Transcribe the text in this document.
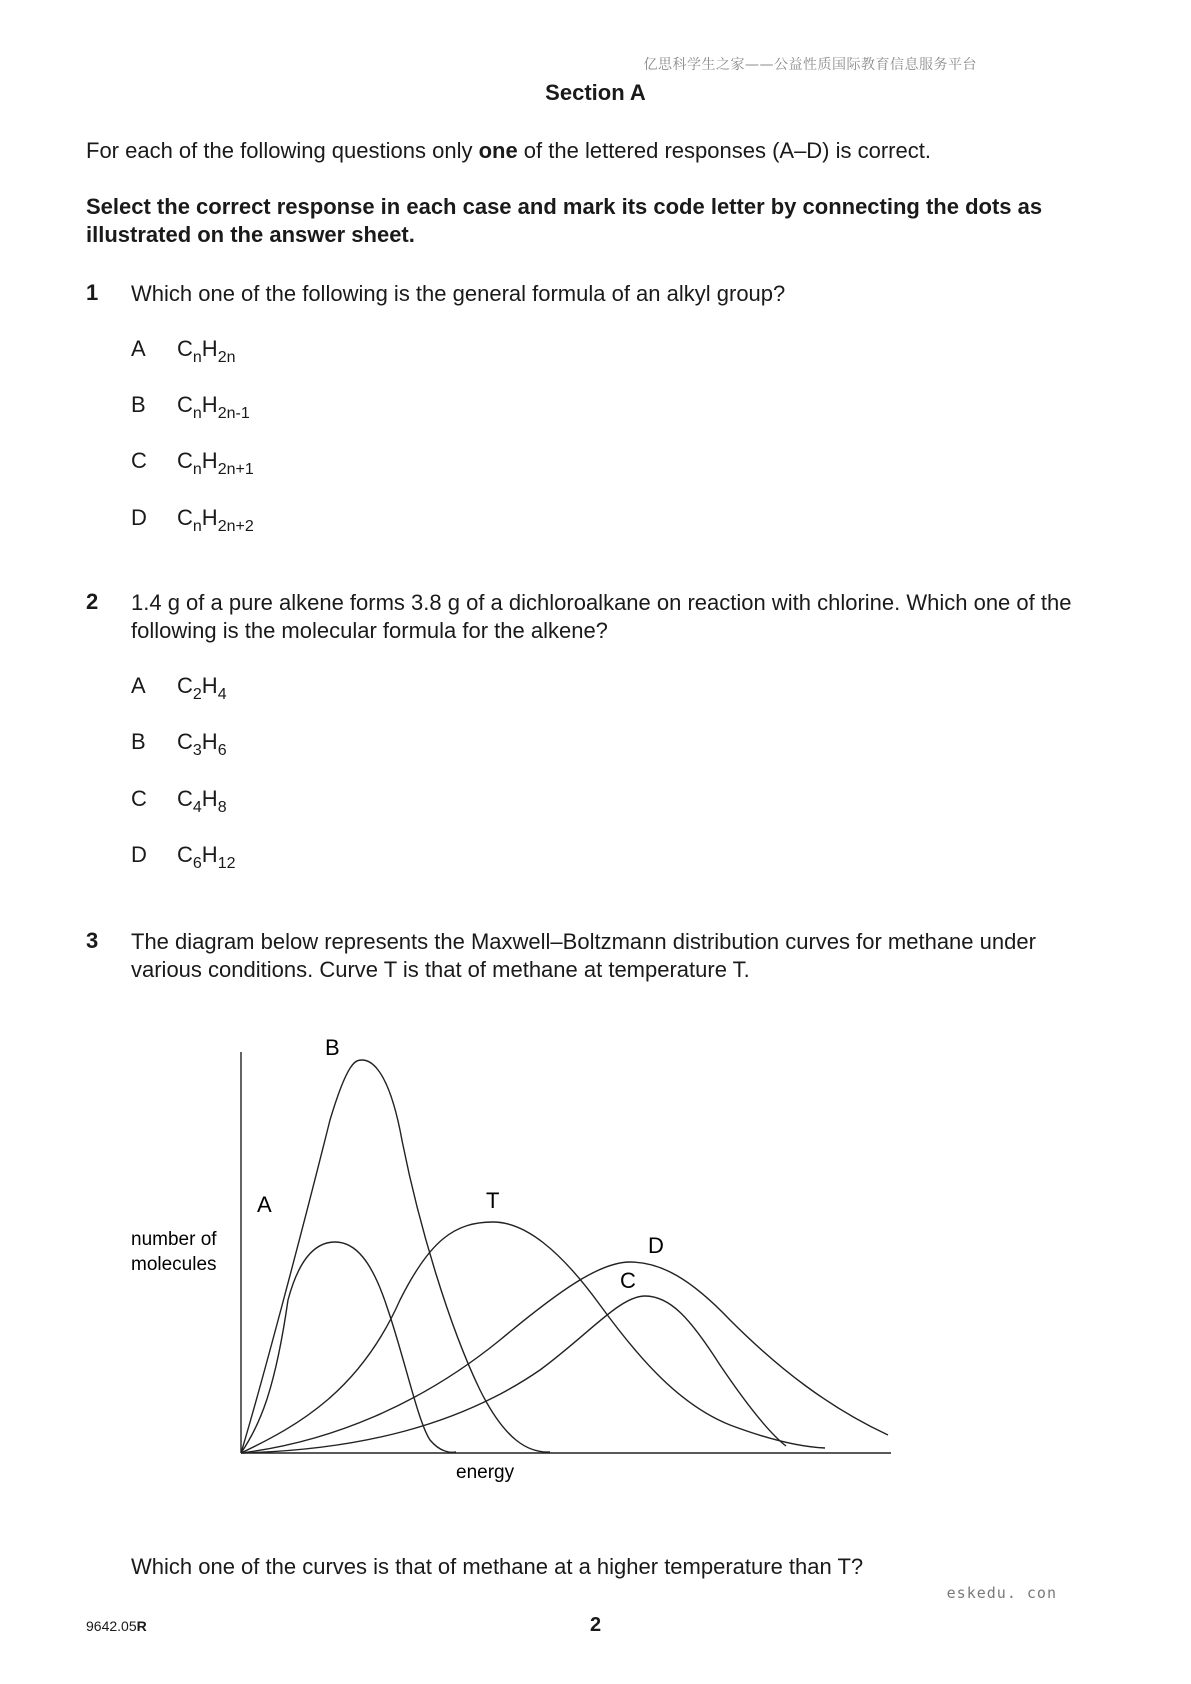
亿思科学生之家——公益性质国际教育信息服务平台
Section A
For each of the following questions only one of the lettered responses (A–D) is correct.
Select the correct response in each case and mark its code letter by connecting the dots as illustrated on the answer sheet.
1 Which one of the following is the general formula of an alkyl group?
A $C_nH_{2n}$
B $C_nH_{2n-1}$
C $C_nH_{2n+1}$
D $C_nH_{2n+2}$
2 1.4 g of a pure alkene forms 3.8 g of a dichloroalkane on reaction with chlorine. Which one of the following is the molecular formula for the alkene?
A $C_2H_4$
B $C_3H_6$
C $C_4H_8$
D $C_6H_{12}$
3 The diagram below represents the Maxwell–Boltzmann distribution curves for methane under various conditions. Curve T is that of methane at temperature T.
B
A	T
D
C
number of
molecules
energy
Which one of the curves is that of methane at a higher temperature than T?
eskedu. con
9642.05R	2
